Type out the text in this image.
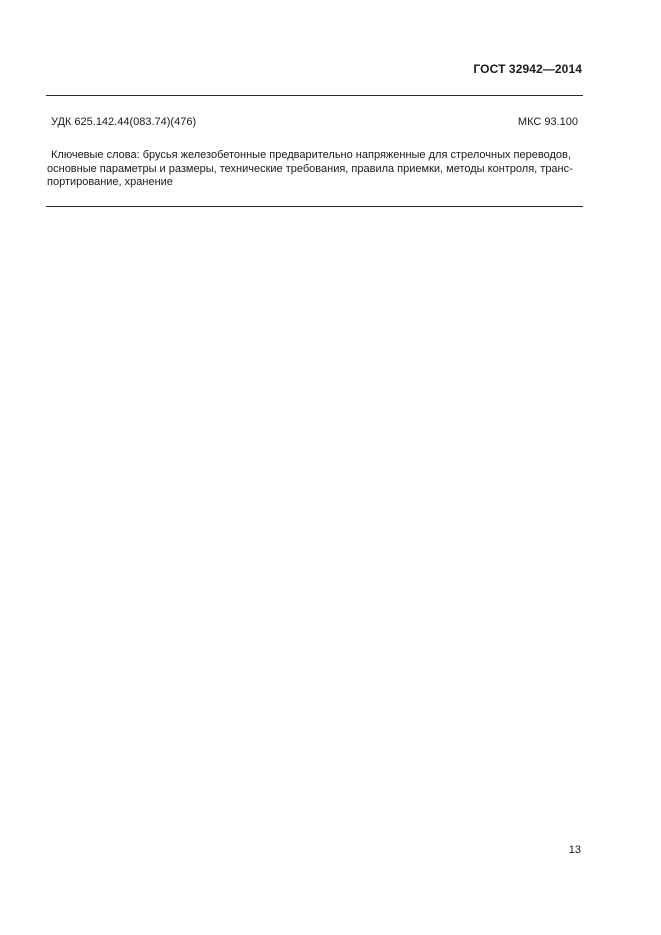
ГОСТ 32942—2014
УДК 625.142.44(083.74)(476)	МКС 93.100
Ключевые слова: брусья железобетонные предварительно напряженные для стрелочных переводов,
основные параметры и размеры, технические требования, правила приемки, методы контроля, транс-
портирование, хранение
13
